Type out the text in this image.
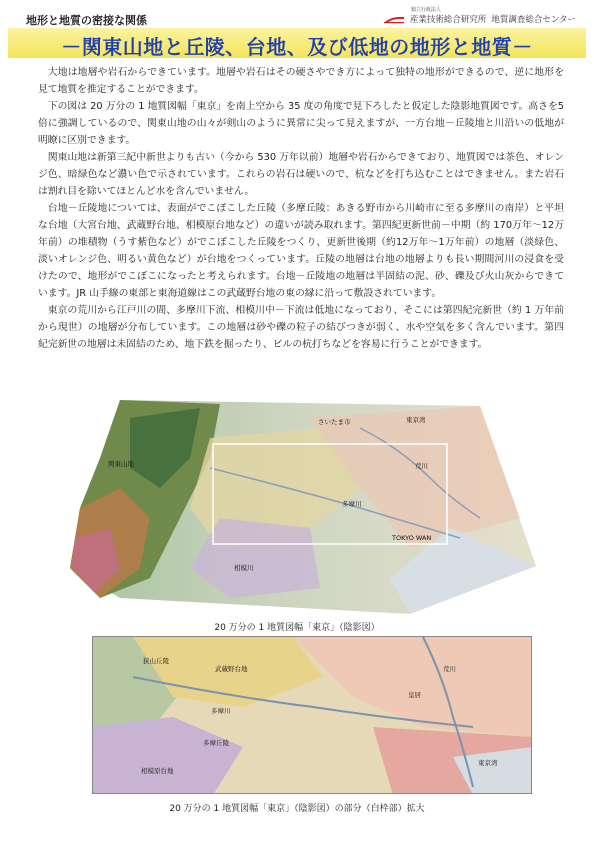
地形と地質の密接な関係
独立行政法人
産業技術総合研究所 地質調査総合センター
－関東山地と丘陵、台地、及び低地の地形と地質－

大地は地層や岩石からできています。地層や岩石はその硬さやでき方によって独特の地形ができるので、逆に地形を見て地質を推定することができます。

下の図は 20 万分の 1 地質図幅「東京」を南上空から 35 度の角度で見下ろしたと仮定した陰影地質図です。高さを5 倍に強調しているので、関東山地の山々が剣山のように異常に尖って見えますが、一方台地－丘陵地と川沿いの低地が明瞭に区別できます。

関東山地は新第三紀中新世よりも古い（今から 530 万年以前）地層や岩石からできており、地質図では茶色、オレンジ色、暗緑色など濃い色で示されています。これらの岩石は硬いので、杭などを打ち込むことはできません。また岩石は割れ目を除いてほとんど水を含んでいません。

台地－丘陵地については、表面がでこぼこした丘陵（多摩丘陵：あきる野市から川崎市に至る多摩川の南岸）と平坦な台地（大宮台地、武蔵野台地、相模原台地など）の違いが読み取れます。第四紀更新世前－中期（約 170万年～12万年前）の堆積物（うす紫色など）がでこぼこした丘陵をつくり、更新世後期（約12万年～1万年前）の地層（淡緑色、淡いオレンジ色、明るい黄色など）が台地をつくっています。丘陵の地層は台地の地層よりも長い期間河川の浸食を受けたので、地形がでこぼこになったと考えられます。台地－丘陵地の地層は半固結の泥、砂、礫及び火山灰からできています。JR 山手線の東部と東海道線はこの武蔵野台地の東の縁に沿って敷設されています。

東京の荒川から江戸川の間、多摩川下流、相模川中－下流は低地になっており、そこには第四紀完新世（約 1 万年前から現世）の地層が分布しています。この地層は砂や礫の粒子の結びつきが弱く、水や空気を多く含んでいます。第四紀完新世の地層は未固結のため、地下鉄を掘ったり、ビルの杭打ちなどを容易に行うことができます。

関東山地
さいたま市	東京湾
多摩川
荒川
相模川
TOKYO WAN
20 万分の 1 地質図幅「東京」（陰影図）
狭山丘陵
武蔵野台地
多摩川
多摩丘陵
相模原台地
皇居
荒川
東京湾
20 万分の 1 地質図幅「東京」（陰影図）の部分（白枠部）拡大
